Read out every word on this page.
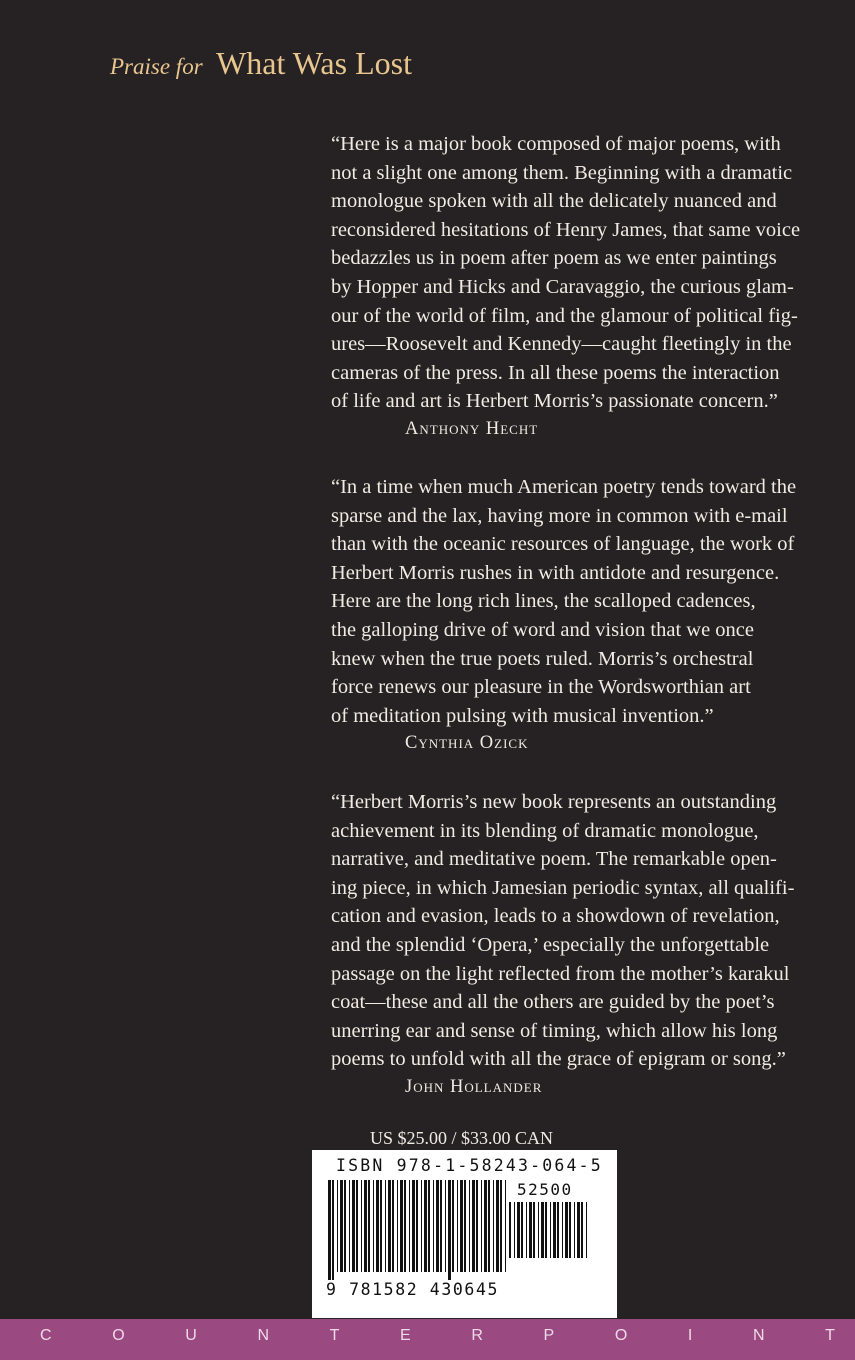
Praise for What Was Lost

“Here is a major book composed of major poems, with
not a slight one among them. Beginning with a dramatic
monologue spoken with all the delicately nuanced and
reconsidered hesitations of Henry James, that same voice
bedazzles us in poem after poem as we enter paintings
by Hopper and Hicks and Caravaggio, the curious glam-
our of the world of film, and the glamour of political fig-
ures—Roosevelt and Kennedy—caught fleetingly in the
cameras of the press. In all these poems the interaction
of life and art is Herbert Morris’s passionate concern.”

Anthony Hecht

“In a time when much American poetry tends toward the
sparse and the lax, having more in common with e-mail
than with the oceanic resources of language, the work of
Herbert Morris rushes in with antidote and resurgence.
Here are the long rich lines, the scalloped cadences,
the galloping drive of word and vision that we once
knew when the true poets ruled. Morris’s orchestral
force renews our pleasure in the Wordsworthian art
of meditation pulsing with musical invention.”

Cynthia Ozick

“Herbert Morris’s new book represents an outstanding
achievement in its blending of dramatic monologue,
narrative, and meditative poem. The remarkable open-
ing piece, in which Jamesian periodic syntax, all qualifi-
cation and evasion, leads to a showdown of revelation,
and the splendid ‘Opera,’ especially the unforgettable
passage on the light reflected from the mother’s karakul
coat—these and all the others are guided by the poet’s
unerring ear and sense of timing, which allow his long
poems to unfold with all the grace of epigram or song.”

John Hollander
US $25.00 / $33.00 CAN
ISBN 978-1-58243-064-5
52500
9 781582 430645
C	O	U	N	T	E	R	P	O	I	N	T
